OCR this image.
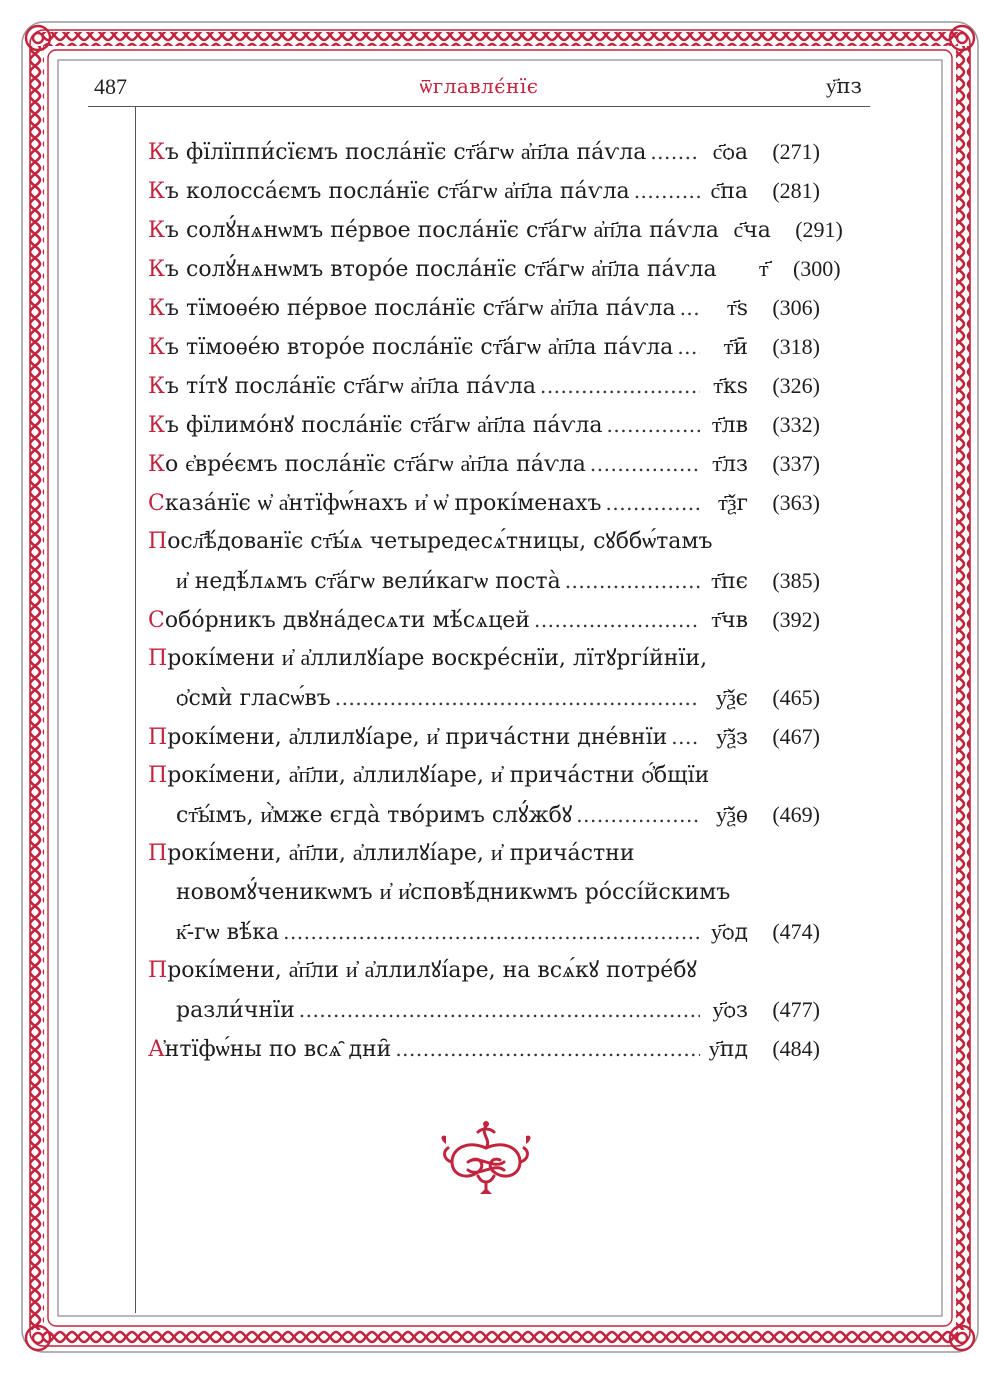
487	ѿглавлє́нїє	у҃пз
К ъ фїлїппи́сїємъ посла́нїє ст҃а́гѡ а҆п҃ла па́ѵла .....	с҃ѻа	(271)
К ъ колосса́ємъ посла́нїє ст҃а́гѡ а҆п҃ла па́ѵла .....	с҃па	(281)
К ъ солꙋ́нѧнѡмъ пе́рвое посла́нїє ст҃а́гѡ а҆п҃ла па́ѵла с҃ча	(291)
К ъ солꙋ́нѧнѡмъ второ́е посла́нїє ст҃а́гѡ а҆п҃ла па́ѵла	т҃	(300)
К ъ тїмоѳе́ю пе́рвое посла́нїє ст҃а́гѡ а҆п҃ла па́ѵла .....	т҃ѕ	(306)
К ъ тїмоѳе́ю второ́е посла́нїє ст҃а́гѡ а҆п҃ла па́ѵла .....	т҃ӣ	(318)
К ъ ті́тꙋ посла́нїє ст҃а́гѡ а҆п҃ла па́ѵла .....	т҃кѕ	(326)
К ъ фїлимо́нꙋ посла́нїє ст҃а́гѡ а҆п҃ла па́ѵла .....	т҃лв	(332)
К о є҆вре́ємъ посла́нїє ст҃а́гѡ а҆п҃ла па́ѵла .....	т҃лз	(337)
С каза́нїє ѡ҆ а҆нтїфѡ́нахъ и҆ ѡ҆ прокі́менахъ .....	т҃ѯг	(363)
П осл҃ѣ́дованїє ст҃ы́ѧ четыредесѧ́тницы, сꙋббѡ́тамъ
и҆ недѣ́лѧмъ ст҃а́гѡ вели́кагѡ поста̀ .....	т҃пє	(385)
С обо́рникъ двꙋна́десѧти мѣ́сѧцей .....	т҃чв	(392)
П рокі́мени и҆ а҆ллилꙋі́аре воскре́снїи, лїтꙋргі́йнїи,
ѻ҆смѝ гласѡ́въ .....	у҃ѯє	(465)
П рокі́мени, а҆ллилꙋі́аре, и҆ прича́стни дне́внїи .....	у҃ѯз	(467)
П рокі́мени, а҆п҃ли, а҆ллилꙋі́аре, и҆ прича́стни ѻ҆́бщїи
ст҃ы́мъ, и҆̀мже єгда̀ тво́римъ слꙋ́жбꙋ .....	у҃ѯѳ	(469)
П рокі́мени, а҆п҃ли, а҆ллилꙋі́аре, и҆ прича́стни
новомꙋ́ченикѡмъ и҆ и҆сповѣ́дникѡмъ ро́ссі́йскимъ
к҃-гѡ вѣ́ка .....	у҃ѻд	(474)
П рокі́мени, а҆п҃ли и҆ а҆ллилꙋі́аре, на всѧ́кꙋ потре́бꙋ
разли́чнїи .....	у҃ѻз	(477)
А ҆нтїфѡ́ны по всѧ̑ дни̑ .....	у҃пд	(484)
